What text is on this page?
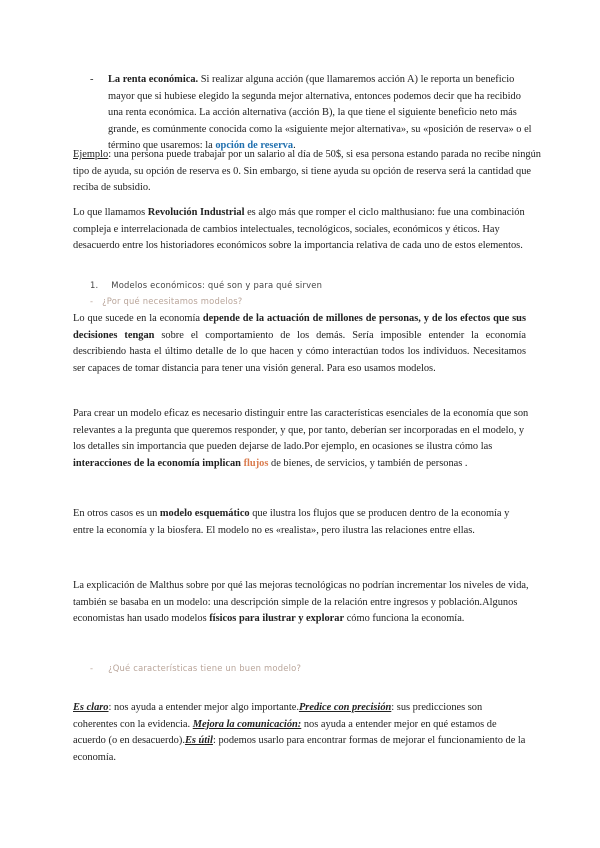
- La renta económica. Si realizar alguna acción (que llamaremos acción A) le reporta un beneficio mayor que si hubiese elegido la segunda mejor alternativa, entonces podemos decir que ha recibido una renta económica. La acción alternativa (acción B), la que tiene el siguiente beneficio neto más grande, es comúnmente conocida como la «siguiente mejor alternativa», su «posición de reserva» o el término que usaremos: la opción de reserva.
Ejemplo: una persona puede trabajar por un salario al día de 50$, si esa persona estando parada no recibe ningún tipo de ayuda, su opción de reserva es 0. Sin embargo, si tiene ayuda su opción de reserva será la cantidad que reciba de subsidio.
Lo que llamamos Revolución Industrial es algo más que romper el ciclo malthusiano: fue una combinación compleja e interrelacionada de cambios intelectuales, tecnológicos, sociales, económicos y éticos. Hay desacuerdo entre los historiadores económicos sobre la importancia relativa de cada uno de estos elementos.
1. Modelos económicos: qué son y para qué sirven
- ¿Por qué necesitamos modelos?
Lo que sucede en la economía depende de la actuación de millones de personas, y de los efectos que sus decisiones tengan sobre el comportamiento de los demás. Sería imposible entender la economía describiendo hasta el último detalle de lo que hacen y cómo interactúan todos los individuos. Necesitamos ser capaces de tomar distancia para tener una visión general. Para eso usamos modelos.
Para crear un modelo eficaz es necesario distinguir entre las características esenciales de la economía que son relevantes a la pregunta que queremos responder, y que, por tanto, deberían ser incorporadas en el modelo, y los detalles sin importancia que pueden dejarse de lado.Por ejemplo, en ocasiones se ilustra cómo las interacciones de la economía implican flujos de bienes, de servicios, y también de personas .
En otros casos es un modelo esquemático que ilustra los flujos que se producen dentro de la economía y entre la economía y la biosfera. El modelo no es «realista», pero ilustra las relaciones entre ellas.
La explicación de Malthus sobre por qué las mejoras tecnológicas no podrían incrementar los niveles de vida, también se basaba en un modelo: una descripción simple de la relación entre ingresos y población.Algunos economistas han usado modelos físicos para ilustrar y explorar cómo funciona la economía.
- ¿Qué características tiene un buen modelo?
Es claro: nos ayuda a entender mejor algo importante.Predice con precisión: sus predicciones son coherentes con la evidencia. Mejora la comunicación: nos ayuda a entender mejor en qué estamos de acuerdo (o en desacuerdo).Es útil: podemos usarlo para encontrar formas de mejorar el funcionamiento de la economía.
